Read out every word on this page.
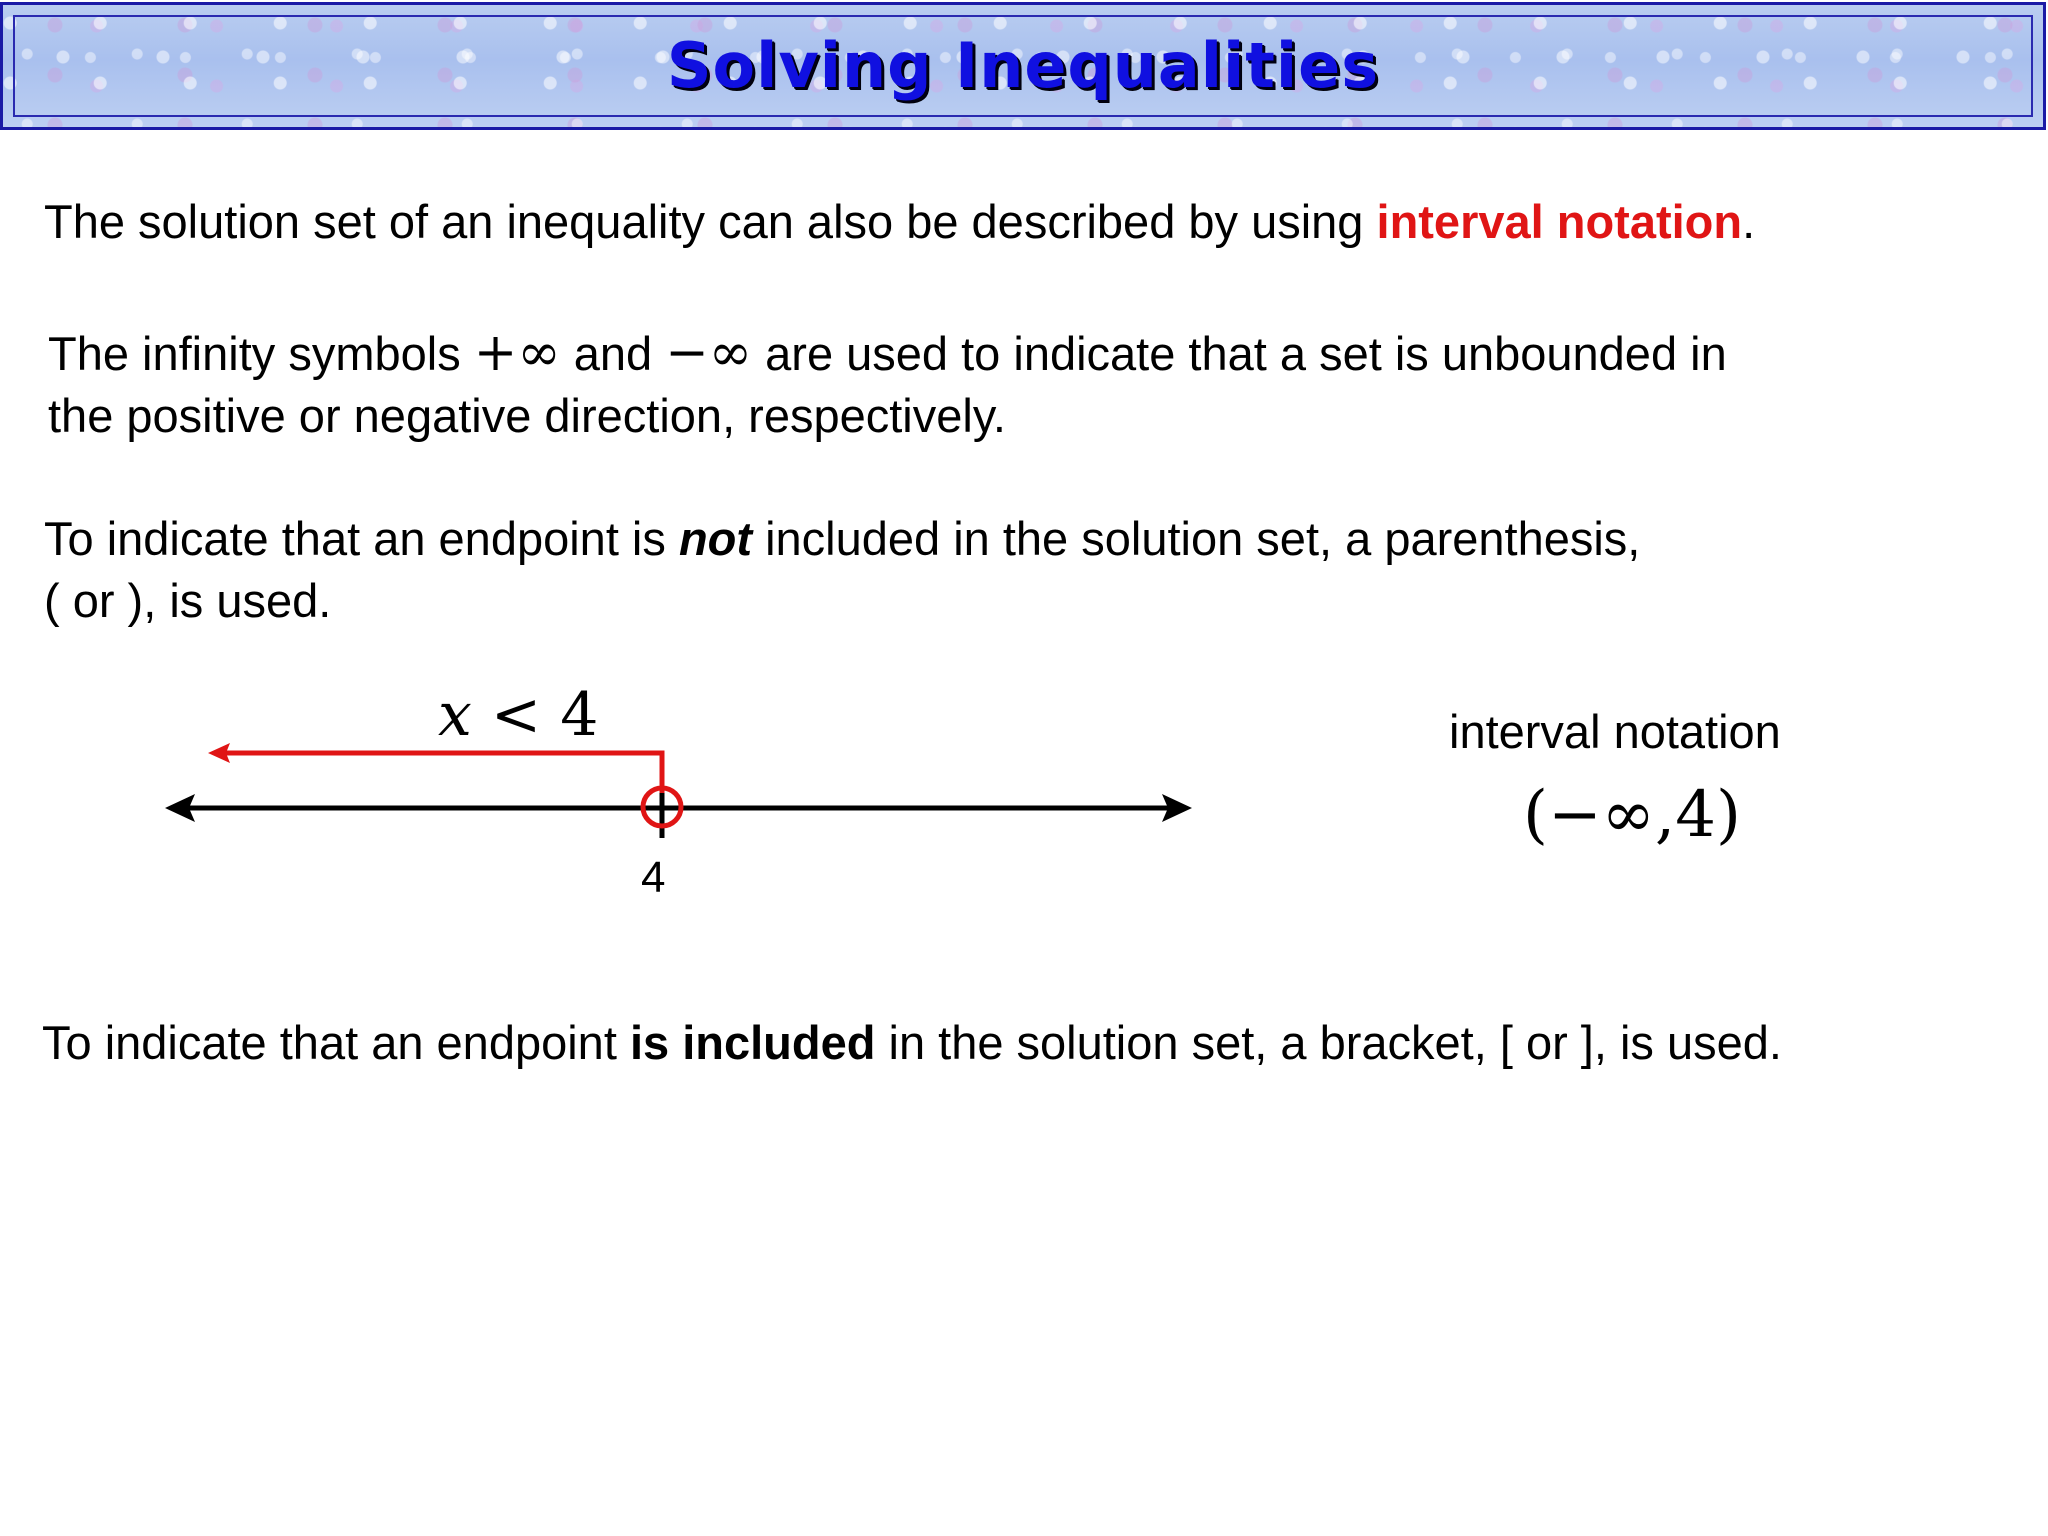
Solving Inequalities
The solution set of an inequality can also be described by using interval notation.
The infinity symbols +∞ and −∞ are used to indicate that a set is unbounded in
the positive or negative direction, respectively.
To indicate that an endpoint is not included in the solution set, a parenthesis,
( or ), is used.
x < 4
4
interval notation
(−∞,4)
To indicate that an endpoint is included in the solution set, a bracket, [ or ], is used.
